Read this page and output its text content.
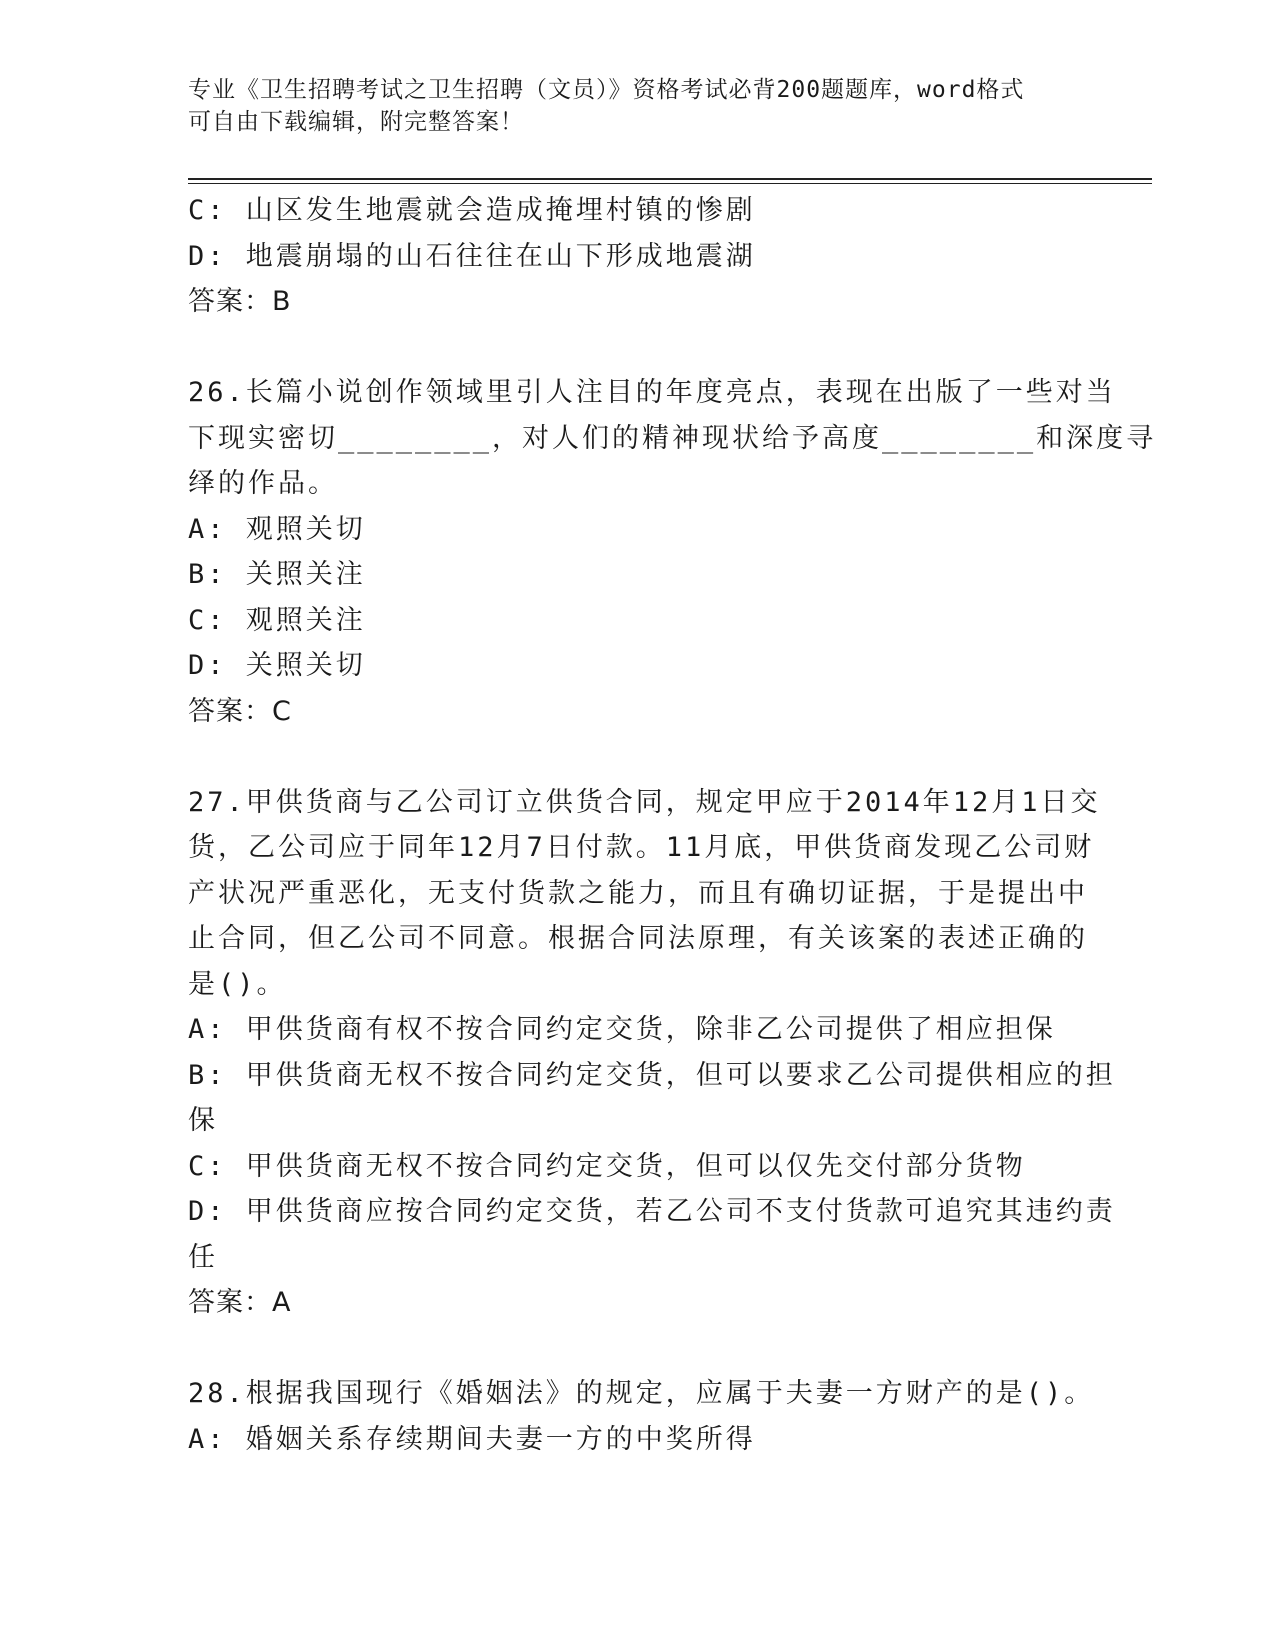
专业《卫生招聘考试之卫生招聘（文员）》资格考试必背200题题库，word格式
可自由下载编辑，附完整答案！

C: 山区发生地震就会造成掩埋村镇的惨剧

D: 地震崩塌的山石往往在山下形成地震湖

答案：B

26.长篇小说创作领域里引人注目的年度亮点，表现在出版了一些对当

下现实密切________，对人们的精神现状给予高度________和深度寻

绎的作品。

A: 观照关切

B: 关照关注

C: 观照关注

D: 关照关切

答案：C

27.甲供货商与乙公司订立供货合同，规定甲应于2014年12月1日交

货，乙公司应于同年12月7日付款。11月底，甲供货商发现乙公司财

产状况严重恶化，无支付货款之能力，而且有确切证据，于是提出中

止合同，但乙公司不同意。根据合同法原理，有关该案的表述正确的

是()。

A: 甲供货商有权不按合同约定交货，除非乙公司提供了相应担保

B: 甲供货商无权不按合同约定交货，但可以要求乙公司提供相应的担

保

C: 甲供货商无权不按合同约定交货，但可以仅先交付部分货物

D: 甲供货商应按合同约定交货，若乙公司不支付货款可追究其违约责

任

答案：A

28.根据我国现行《婚姻法》的规定，应属于夫妻一方财产的是()。

A: 婚姻关系存续期间夫妻一方的中奖所得
